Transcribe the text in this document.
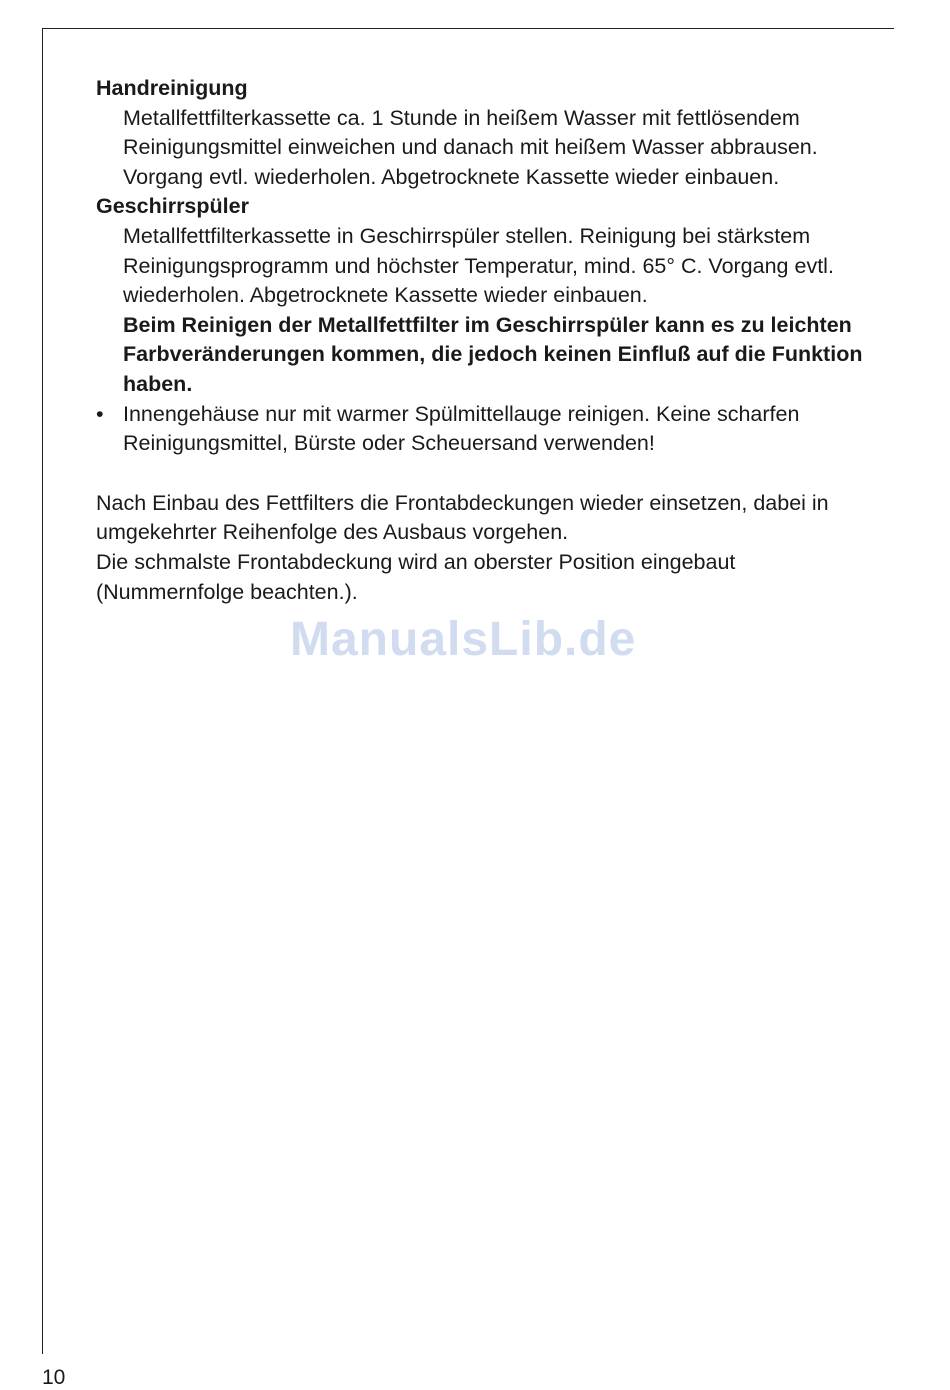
Handreinigung

Metallfettfilterkassette ca. 1 Stunde in heißem Wasser mit fettlösendem Reinigungsmittel einweichen und danach mit heißem Wasser abbrausen. Vorgang evtl. wiederholen. Abgetrocknete Kassette wieder einbauen.

Geschirrspüler

Metallfettfilterkassette in Geschirrspüler stellen. Reinigung bei stärkstem Reinigungsprogramm und höchster Temperatur, mind. 65° C. Vorgang evtl. wiederholen. Abgetrocknete Kassette wieder einbauen.

Beim Reinigen der Metallfettfilter im Geschirrspüler kann es zu leichten Farbveränderungen kommen, die jedoch keinen Einfluß auf die Funktion haben.

• Innengehäuse nur mit warmer Spülmittellauge reinigen. Keine scharfen Reinigungsmittel, Bürste oder Scheuersand verwenden!

Nach Einbau des Fettfilters die Frontabdeckungen wieder einsetzen, dabei in umgekehrter Reihenfolge des Ausbaus vorgehen.

Die schmalste Frontabdeckung wird an oberster Position eingebaut (Nummernfolge beachten.).

ManualsLib.de
10
